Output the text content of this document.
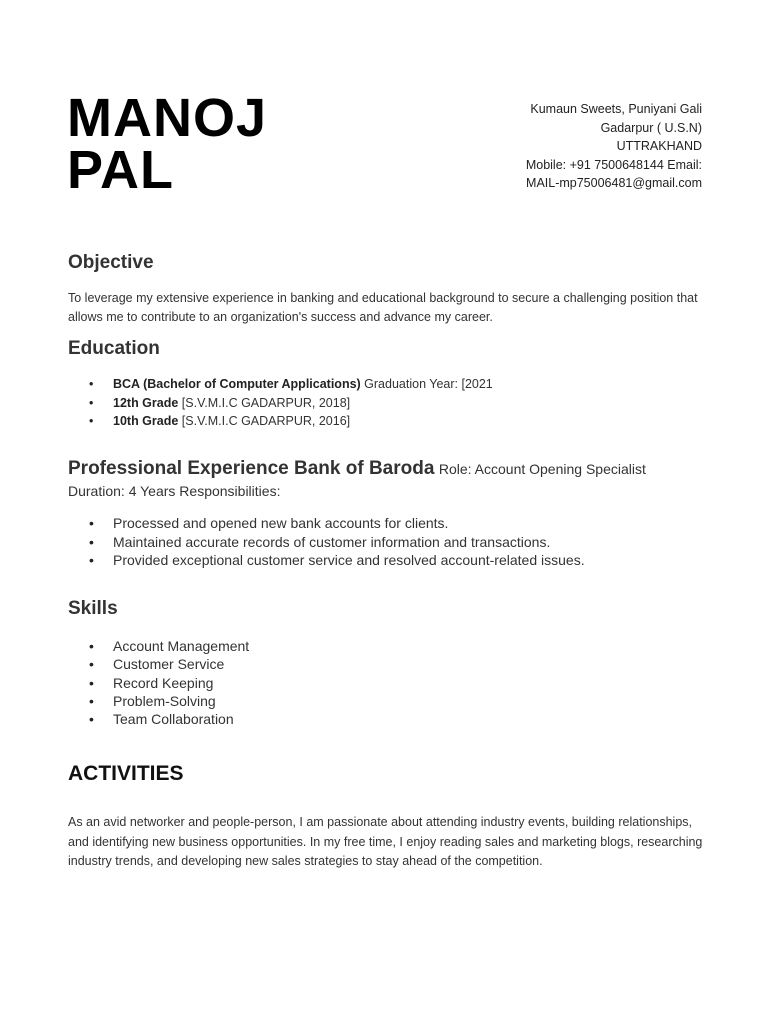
MANOJ
PAL
Kumaun Sweets, Puniyani Gali
Gadarpur ( U.S.N)
UTTRAKHAND
Mobile: +91 7500648144 Email:
MAIL-mp75006481@gmail.com
Objective

To leverage my extensive experience in banking and educational background to secure a challenging position that allows me to contribute to an organization's success and advance my career.

Education
• BCA (Bachelor of Computer Applications) Graduation Year: [2021
• 12th Grade [S.V.M.I.C GADARPUR, 2018]
• 10th Grade [S.V.M.I.C GADARPUR, 2016]
Professional Experience Bank of Baroda Role: Account Opening Specialist
Duration: 4 Years Responsibilities:
• Processed and opened new bank accounts for clients.
• Maintained accurate records of customer information and transactions.
• Provided exceptional customer service and resolved account-related issues.
Skills
• Account Management
• Customer Service
• Record Keeping
• Problem-Solving
• Team Collaboration
ACTIVITIES

As an avid networker and people-person, I am passionate about attending industry events, building relationships, and identifying new business opportunities. In my free time, I enjoy reading sales and marketing blogs, researching industry trends, and developing new sales strategies to stay ahead of the competition.
